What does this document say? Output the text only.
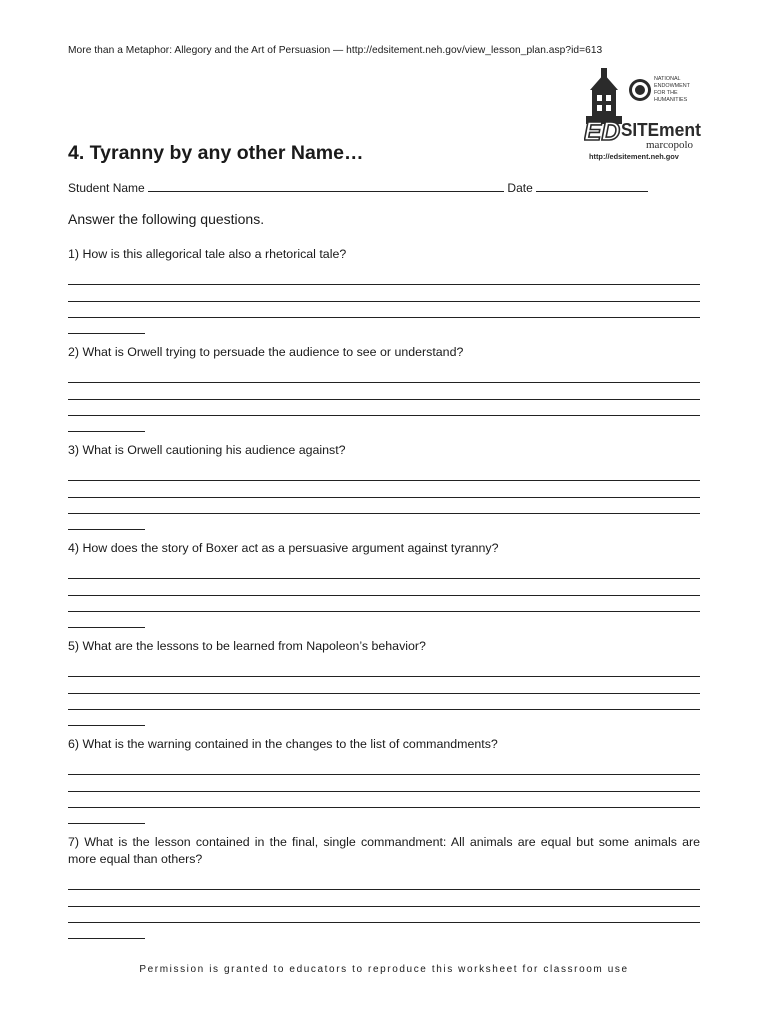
More than a Metaphor: Allegory and the Art of Persuasion — http://edsitement.neh.gov/view_lesson_plan.asp?id=613
NATIONAL
ENDOWMENT
FOR THE
HUMANITIES
ED SITE ment
marcopolo
http://edsitement.neh.gov
4. Tyranny by any other Name…
Student Name	Date
Answer the following questions.

1) How is this allegorical tale also a rhetorical tale?

2) What is Orwell trying to persuade the audience to see or understand?

3) What is Orwell cautioning his audience against?

4) How does the story of Boxer act as a persuasive argument against tyranny?

5) What are the lessons to be learned from Napoleon’s behavior?

6) What is the warning contained in the changes to the list of commandments?

7) What is the lesson contained in the final, single commandment: All animals are equal but some animals are more equal than others?

Permission is granted to educators to reproduce this worksheet for classroom use
